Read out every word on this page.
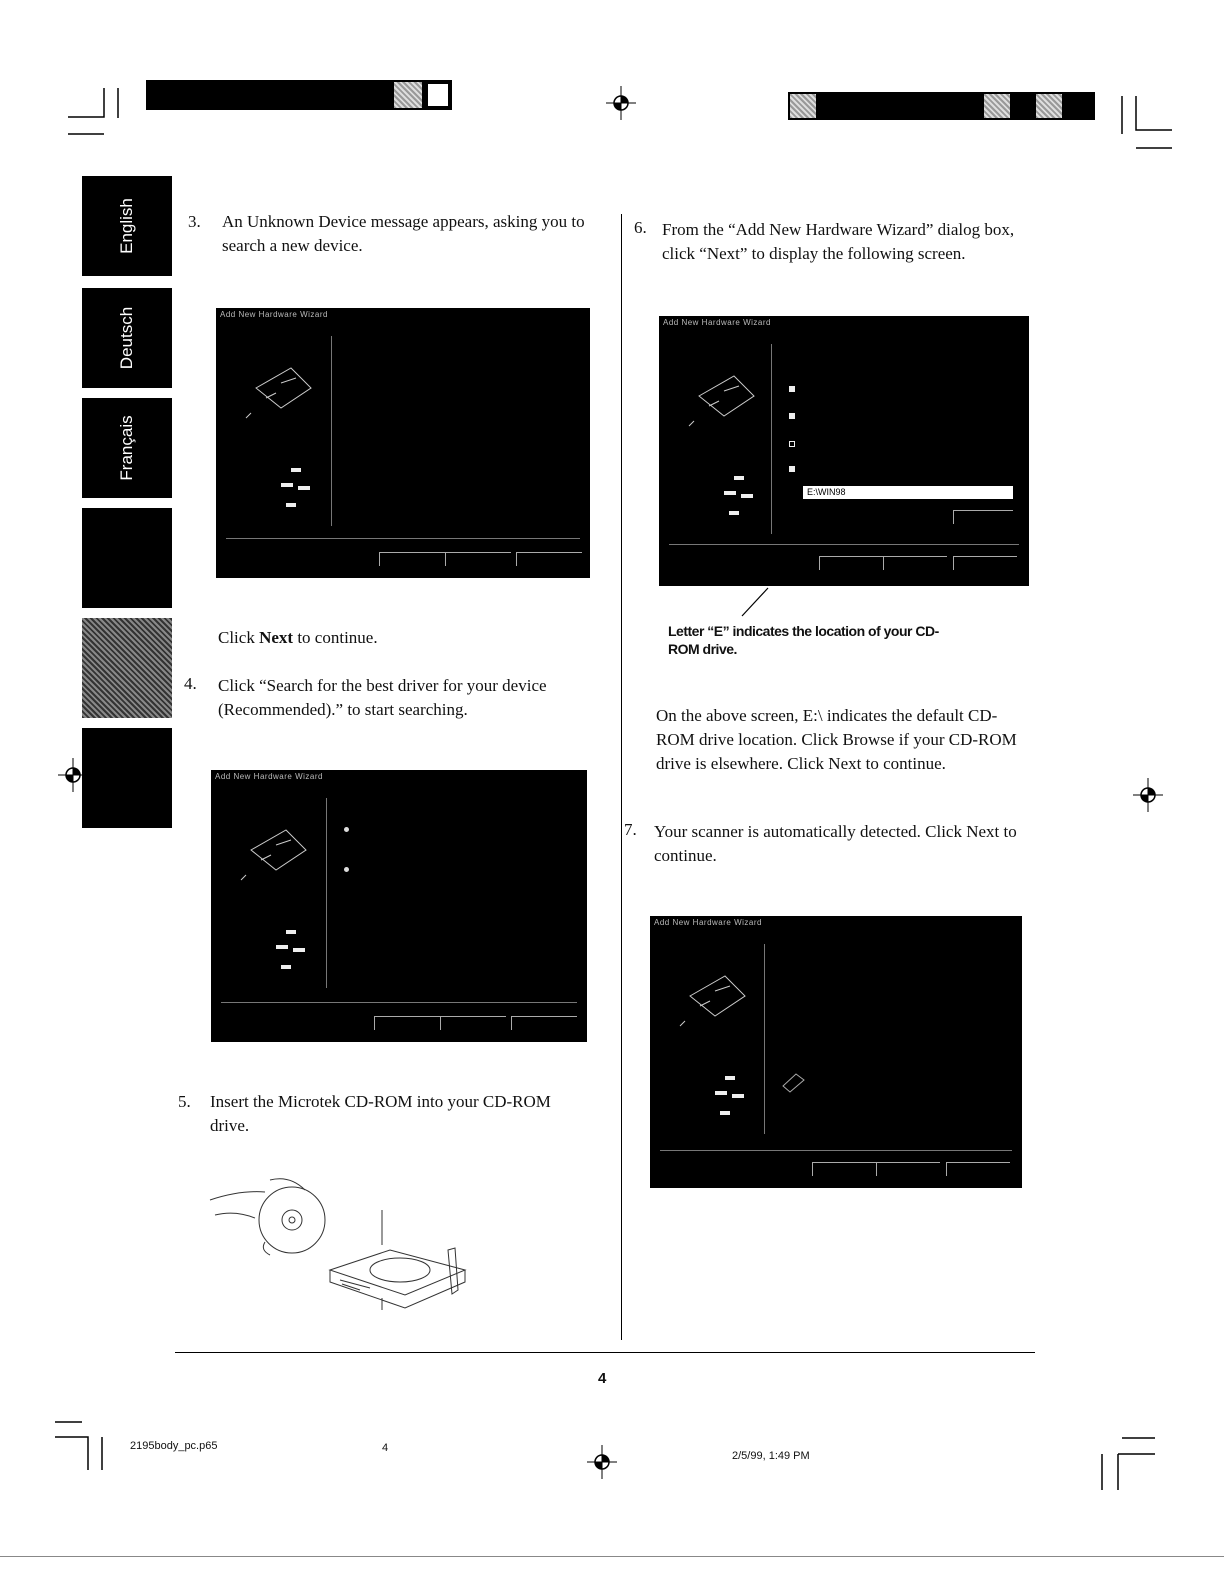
English
Deutsch
Français
3. An Unknown Device message appears, asking you to search a new device.
Add New Hardware Wizard
Click Next to continue.
4. Click “Search for the best driver for your device (Recommended).” to start searching.
Add New Hardware Wizard
5. Insert the Microtek CD-ROM into your CD-ROM drive.
6. From the “Add New Hardware Wizard” dialog box, click “Next” to display the following screen.
Add New Hardware Wizard
E:\WIN98
Letter “E” indicates the location of your CD-ROM drive.
On the above screen, E:\ indicates the default CD-ROM drive location. Click Browse if your CD-ROM drive is elsewhere. Click Next to continue.
7. Your scanner is automatically detected. Click Next to continue.
Add New Hardware Wizard
4
2195body_pc.p65	4
2/5/99, 1:49 PM
